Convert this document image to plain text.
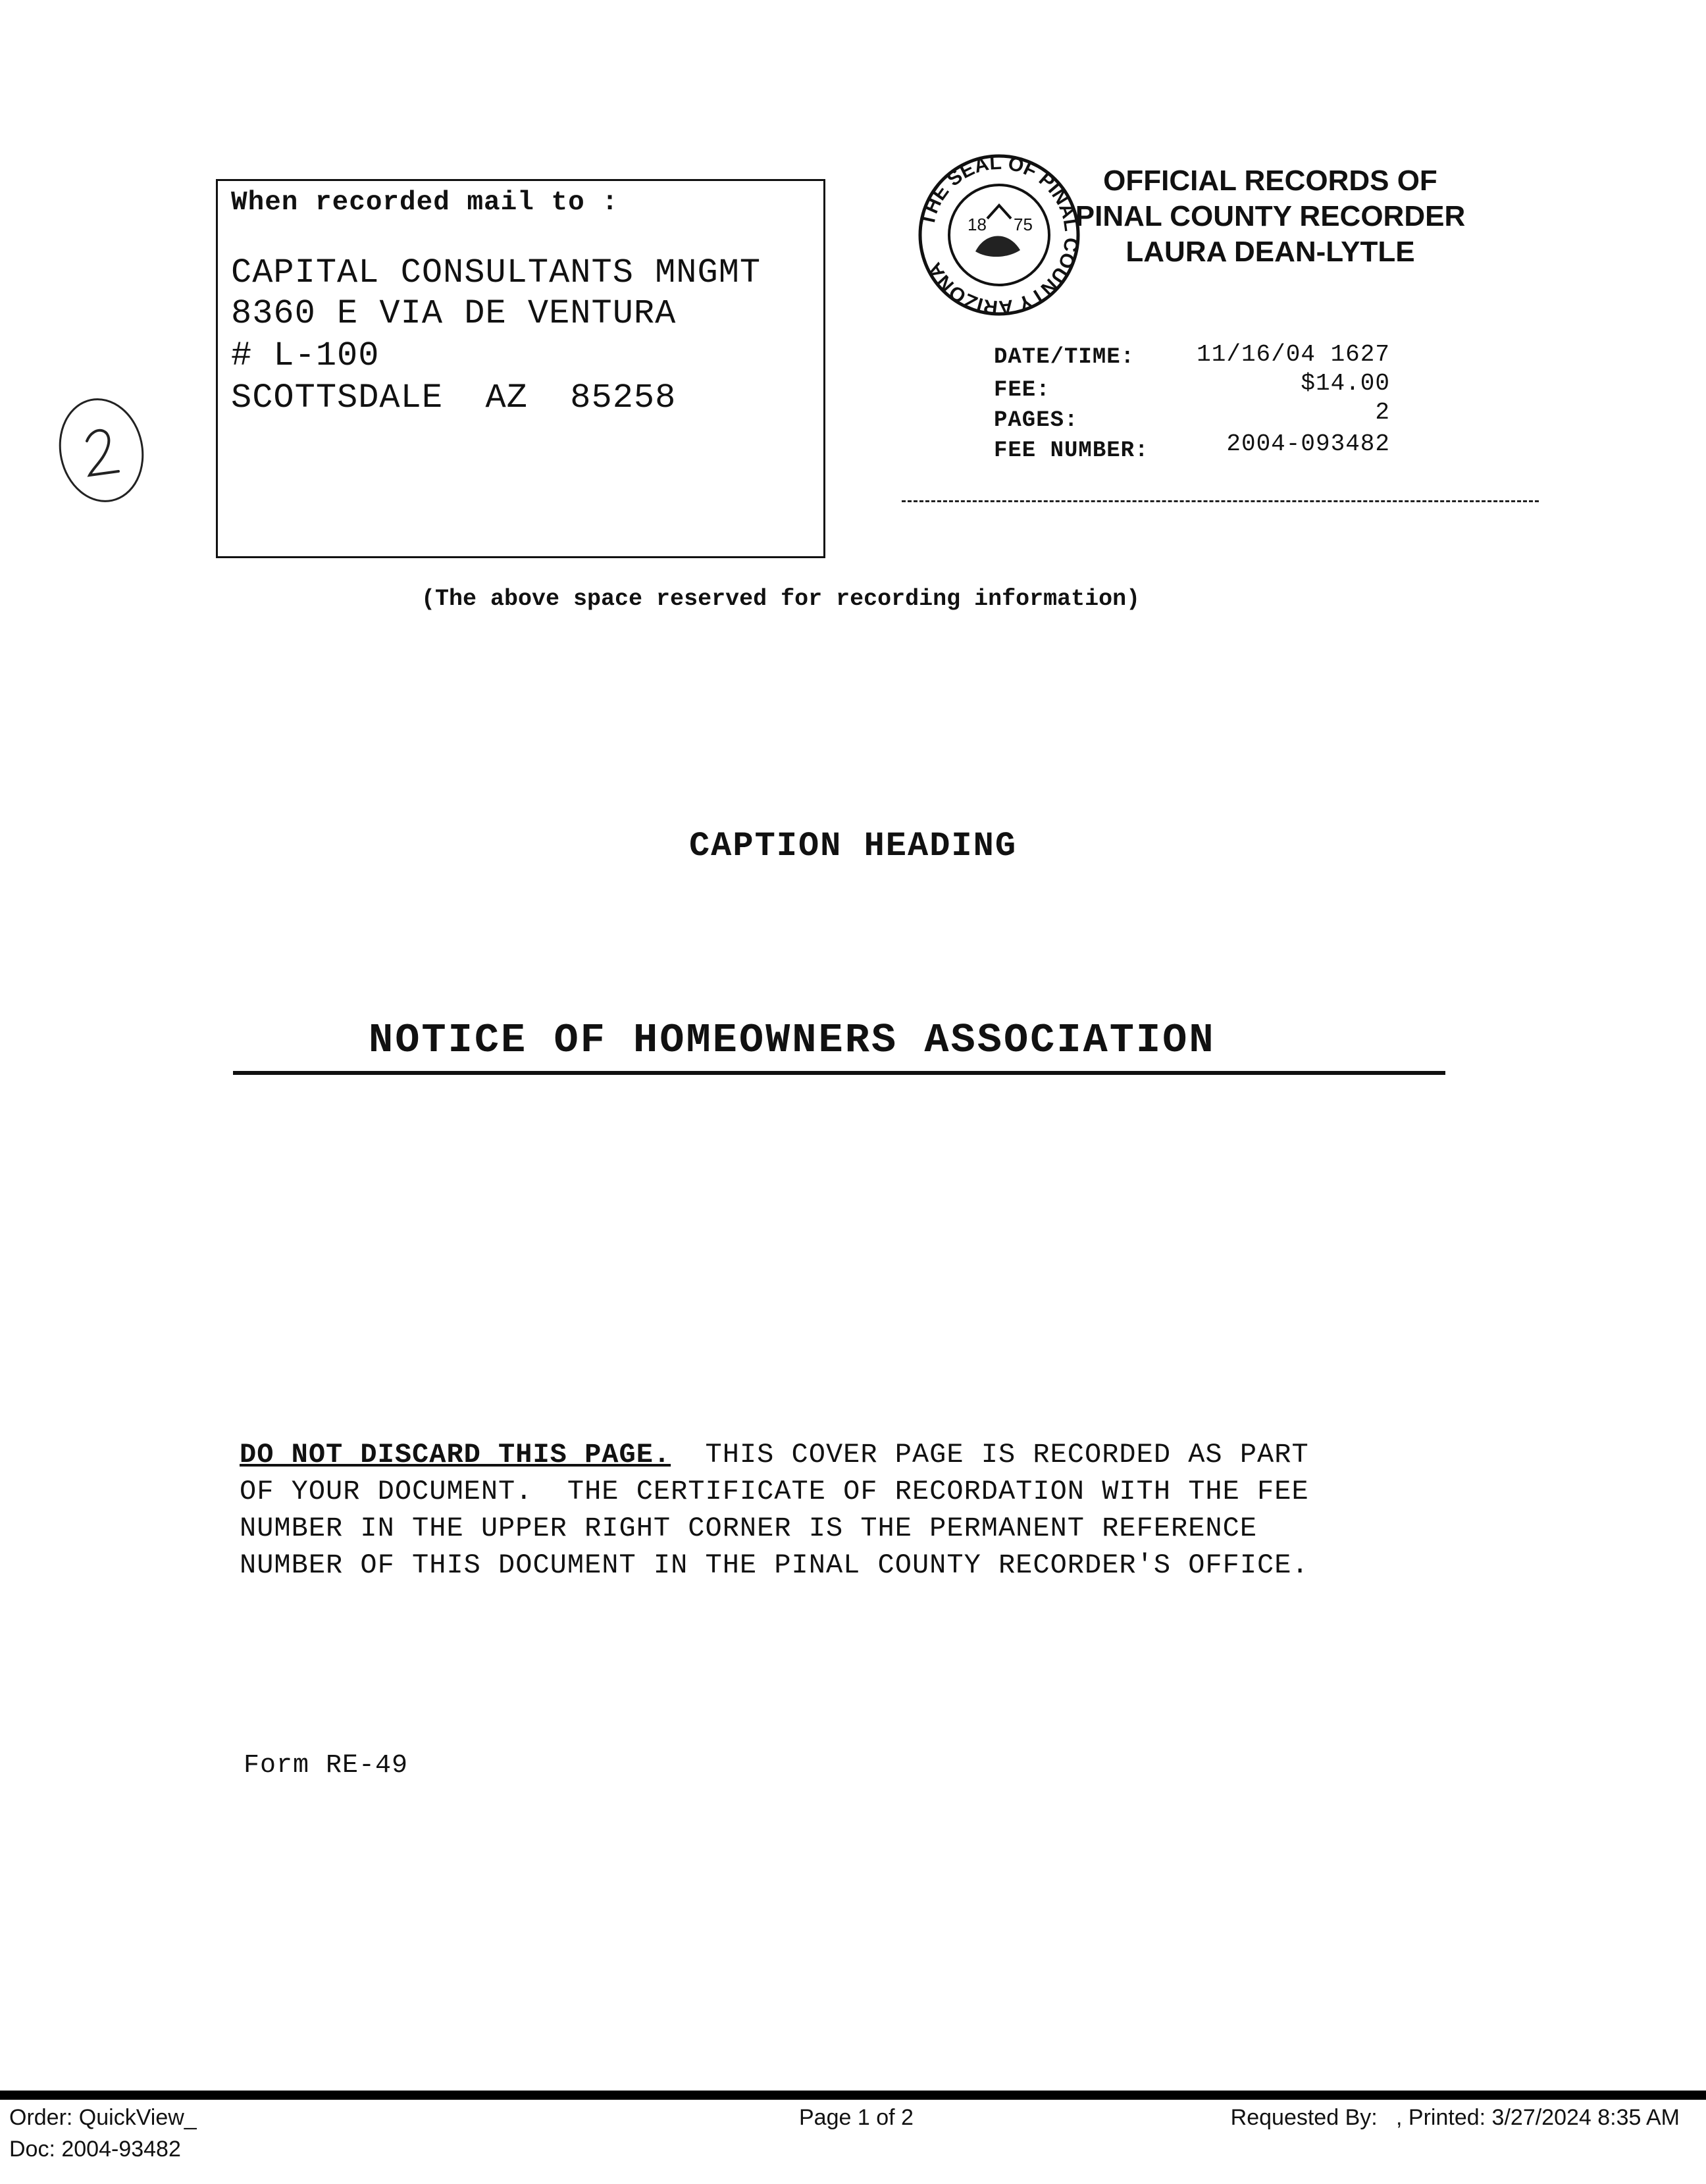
When recorded mail to :
CAPITAL CONSULTANTS MNGMT
8360 E VIA DE VENTURA
# L-100
SCOTTSDALE  AZ  85258
THE SEAL OF PINAL COUNTY ARIZONA
18 75
OFFICIAL RECORDS OF
PINAL COUNTY RECORDER
LAURA DEAN-LYTLE
DATE/TIME:	11/16/04 1627
FEE:	$14.00
PAGES:	2
FEE NUMBER:	2004-093482
(The above space reserved for recording information)
CAPTION HEADING
NOTICE OF HOMEOWNERS ASSOCIATION
DO NOT DISCARD THIS PAGE.  THIS COVER PAGE IS RECORDED AS PART
OF YOUR DOCUMENT.  THE CERTIFICATE OF RECORDATION WITH THE FEE
NUMBER IN THE UPPER RIGHT CORNER IS THE PERMANENT REFERENCE
NUMBER OF THIS DOCUMENT IN THE PINAL COUNTY RECORDER'S OFFICE.
Form RE-49
Order: QuickView_
Doc: 2004-93482
Page 1 of 2	Requested By:   , Printed: 3/27/2024 8:35 AM
